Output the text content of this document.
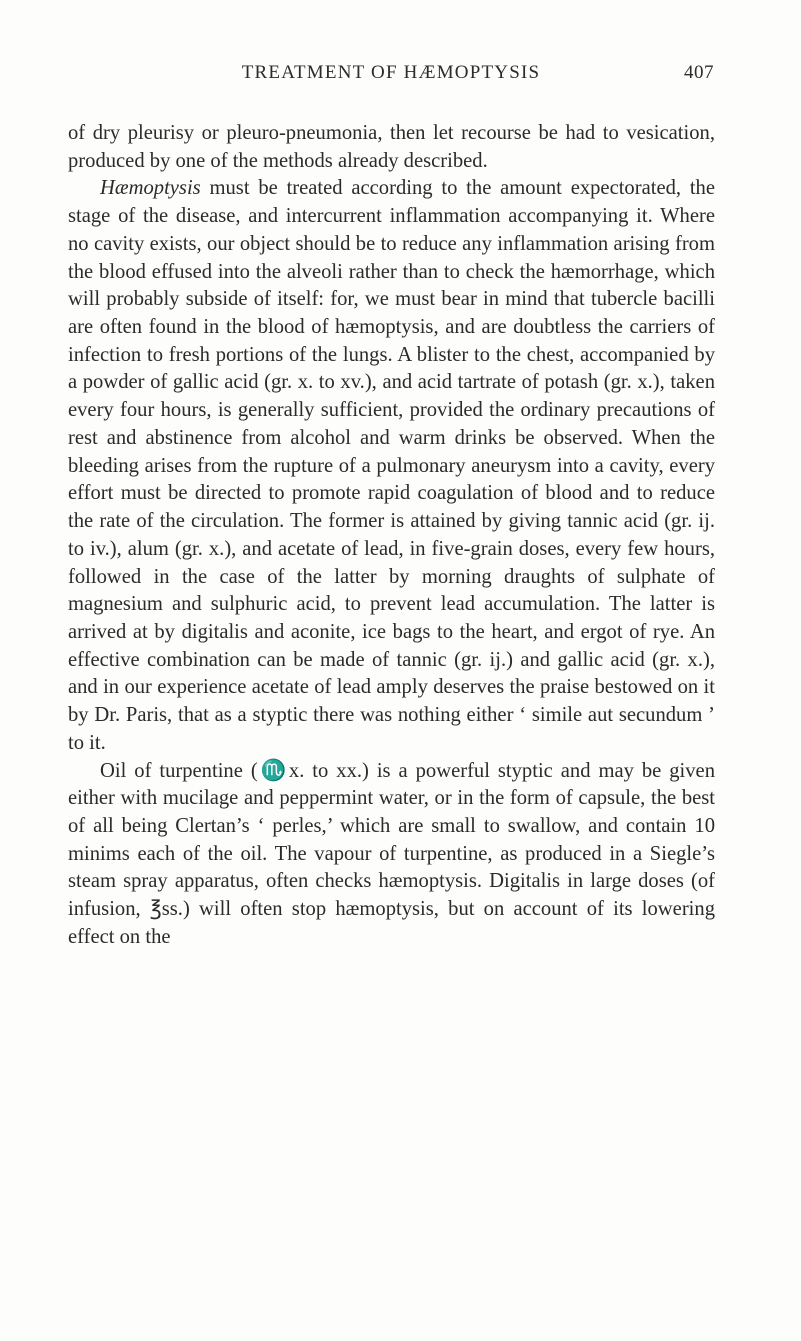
TREATMENT OF HÆMOPTYSIS	407

of dry pleurisy or pleuro-pneumonia, then let recourse be had to vesication, produced by one of the methods already described.

Hæmoptysis must be treated according to the amount expectorated, the stage of the disease, and intercurrent inflammation accompanying it. Where no cavity exists, our object should be to reduce any inflammation arising from the blood effused into the alveoli rather than to check the hæmorrhage, which will probably subside of itself: for, we must bear in mind that tubercle bacilli are often found in the blood of hæmoptysis, and are doubtless the carriers of infection to fresh portions of the lungs. A blister to the chest, accompanied by a powder of gallic acid (gr. x. to xv.), and acid tartrate of potash (gr. x.), taken every four hours, is generally sufficient, provided the ordinary precautions of rest and abstinence from alcohol and warm drinks be observed. When the bleeding arises from the rupture of a pulmonary aneurysm into a cavity, every effort must be directed to promote rapid coagulation of blood and to reduce the rate of the circulation. The former is attained by giving tannic acid (gr. ij. to iv.), alum (gr. x.), and acetate of lead, in five-grain doses, every few hours, followed in the case of the latter by morning draughts of sulphate of magnesium and sulphuric acid, to prevent lead accumulation. The latter is arrived at by digitalis and aconite, ice bags to the heart, and ergot of rye. An effective combination can be made of tannic (gr. ij.) and gallic acid (gr. x.), and in our experience acetate of lead amply deserves the praise bestowed on it by Dr. Paris, that as a styptic there was nothing either ‘ simile aut secundum ’ to it.

Oil of turpentine (♏x. to xx.) is a powerful styptic and may be given either with mucilage and peppermint water, or in the form of capsule, the best of all being Clertan’s ‘ perles,’ which are small to swallow, and contain 10 minims each of the oil. The vapour of turpentine, as produced in a Siegle’s steam spray apparatus, often checks hæmoptysis. Digitalis in large doses (of infusion, ℥ss.) will often stop hæmoptysis, but on account of its lowering effect on the
